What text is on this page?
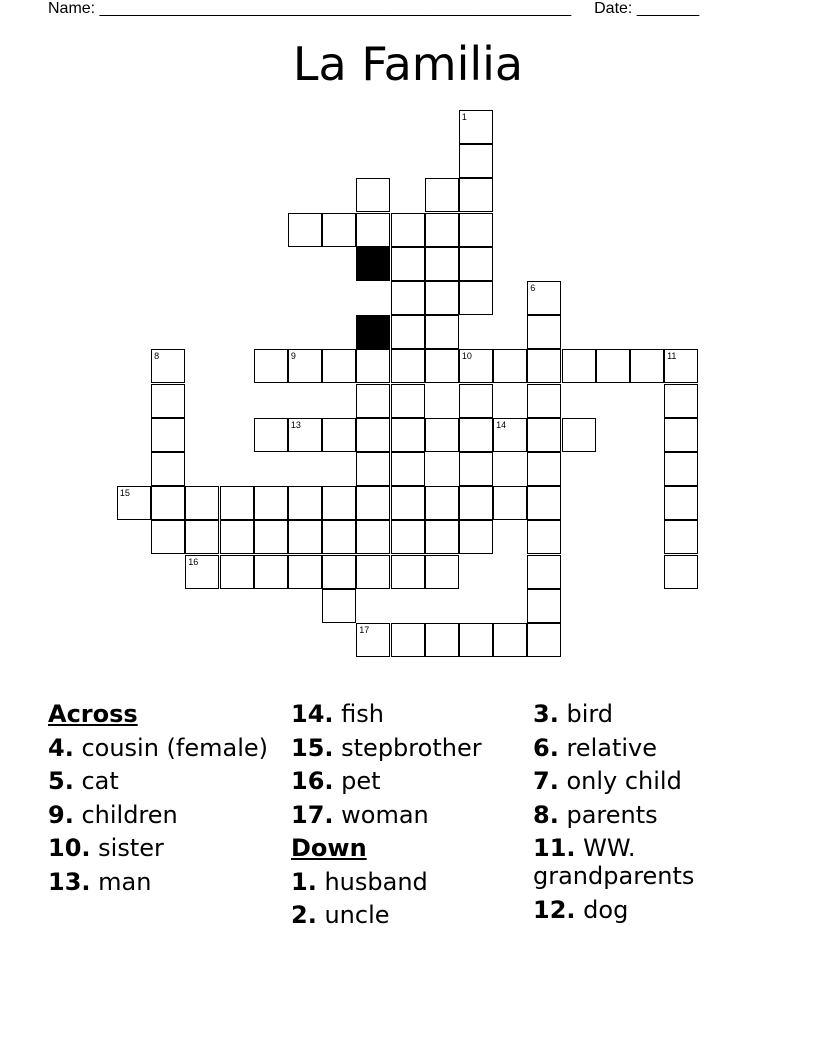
Name: _____________________________________________________ Date: _______
La Familia
1
6
8	9	10	11
13	14
15
16
17
Across
4. cousin (female)
5. cat
9. children
10. sister
13. man
14. fish
15. stepbrother
16. pet
17. woman
Down
1. husband
2. uncle
3. bird
6. relative
7. only child
8. parents
11. WW. grandparents
12. dog
